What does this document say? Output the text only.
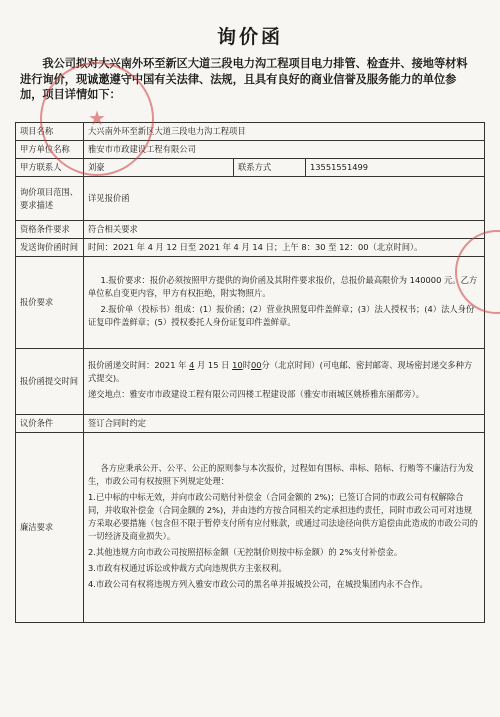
询价函

我公司拟对大兴南外环至新区大道三段电力沟工程项目电力排管、检查井、接地等材料进行询价，现诚邀遵守中国有关法律、法规，且具有良好的商业信誉及服务能力的单位参加，项目详情如下：

项目名称	大兴南外环至新区大道三段电力沟工程项目		
甲方单位名称	雅安市市政建设工程有限公司		
甲方联系人	刘豪	联系方式	13551551499
询价项目范围、要求描述	详见报价函		
资格条件要求	符合相关要求		
发送询价函时间	时间：2021 年 4 月 12 日至 2021 年 4 月 14 日；上午 8：30 至 12：00（北京时间）。		
报价要求	1.报价要求：报价必须按照甲方提供的询价函及其附件要求报价，总报价最高限价为 140000 元。乙方单位私自变更内容，甲方有权拒绝，附实物照片。

2.报价单（投标书）组成：(1）报价函；(2）营业执照复印件盖鲜章；(3）法人授权书；(4）法人身份证复印件盖鲜章；(5）授权委托人身份证复印件盖鲜章。		

报价函提交时间	报价函递交时间：2021 年 4 月 15 日 10时00分（北京时间）(可电邮、密封邮寄、现场密封递交多种方式提交)。

递交地点：雅安市市政建设工程有限公司四楼工程建设部（雅安市雨城区姚桥雅东丽都旁）。		

议价条件	签订合同时约定		
廉洁要求	各方应秉承公开、公平、公正的原则参与本次报价，过程如有围标、串标、陪标、行贿等不廉洁行为发生，市政公司有权按照下列规定处理：

1.已中标的中标无效，并向市政公司赔付补偿金（合同金额的 2%)；已签订合同的市政公司有权解除合同，并收取补偿金（合同金额的 2%)，并由违约方按合同相关约定承担违约责任，同时市政公司可对违规方采取必要措施（包含但不限于暂停支付所有应付账款，或通过司法途径向供方追偿由此造成的市政公司的一切经济及商业损失）。

2.其他违规方向市政公司按照招标金额（无控制价则按中标金额）的 2%支付补偿金。

3.市政有权通过诉讼或仲裁方式向违规供方主张权利。

4.市政公司有权将违规方列入雅安市政公司的黑名单并报城投公司，在城投集团内永不合作。		

★
